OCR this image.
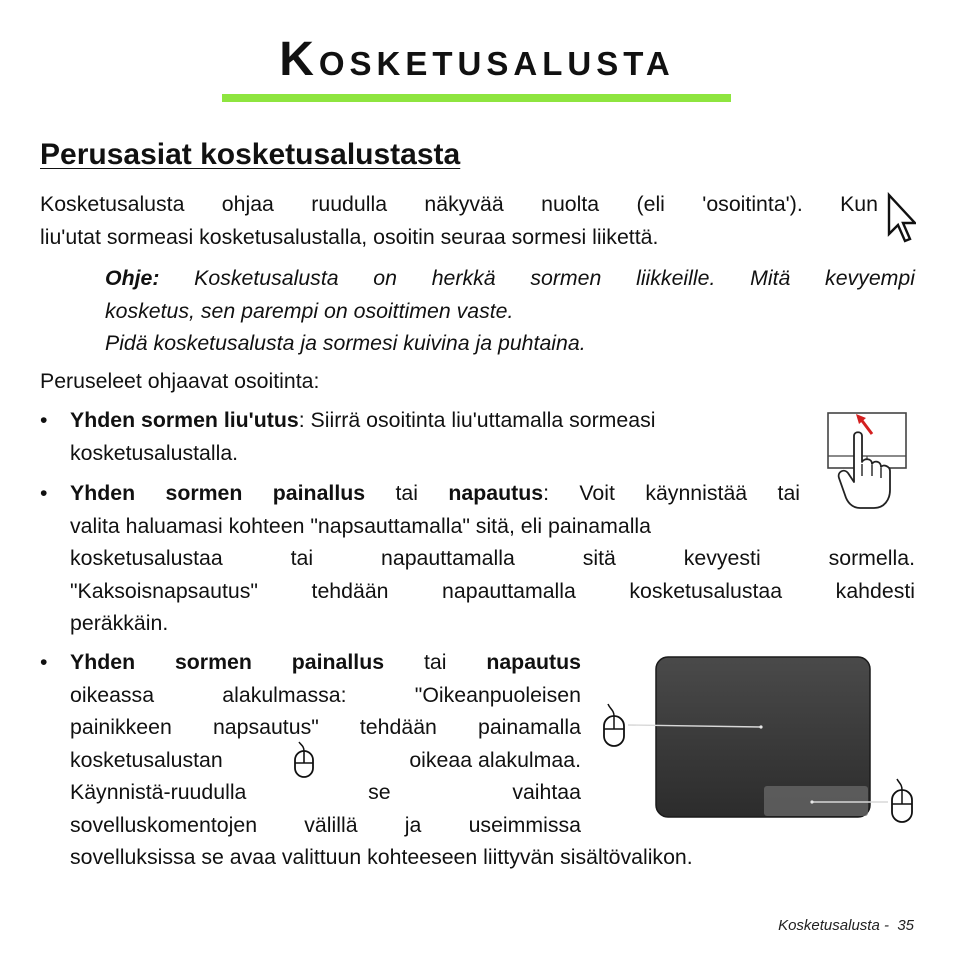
KOSKETUSALUSTA
Perusasiat kosketusalustasta
Kosketusalusta ohjaa ruudulla näkyvää nuolta (eli 'osoitinta'). Kun
liu'utat sormeasi kosketusalustalla, osoitin seuraa sormesi liikettä.
Ohje: Kosketusalusta on herkkä sormen liikkeille. Mitä kevyempi
kosketus, sen parempi on osoittimen vaste.
Pidä kosketusalusta ja sormesi kuivina ja puhtaina.
Peruseleet ohjaavat osoitinta:
• Yhden sormen liu'utus: Siirrä osoitinta liu'uttamalla sormeasi
kosketusalustalla.
• Yhden sormen painallus tai napautus: Voit käynnistää tai
valita haluamasi kohteen "napsauttamalla" sitä, eli painamalla
kosketusalustaa tai napauttamalla sitä kevyesti sormella.
"Kaksoisnapsautus" tehdään napauttamalla kosketusalustaa kahdesti
peräkkäin.
• Yhden sormen painallus tai napautus
oikeassa alakulmassa: "Oikeanpuoleisen
painikkeen napsautus" tehdään painamalla
kosketusalustan	oikeaa alakulmaa.
Käynnistä-ruudulla se vaihtaa
sovelluskomentojen välillä ja useimmissa
sovelluksissa se avaa valittuun kohteeseen liittyvän sisältövalikon.
Kosketusalusta - 35
